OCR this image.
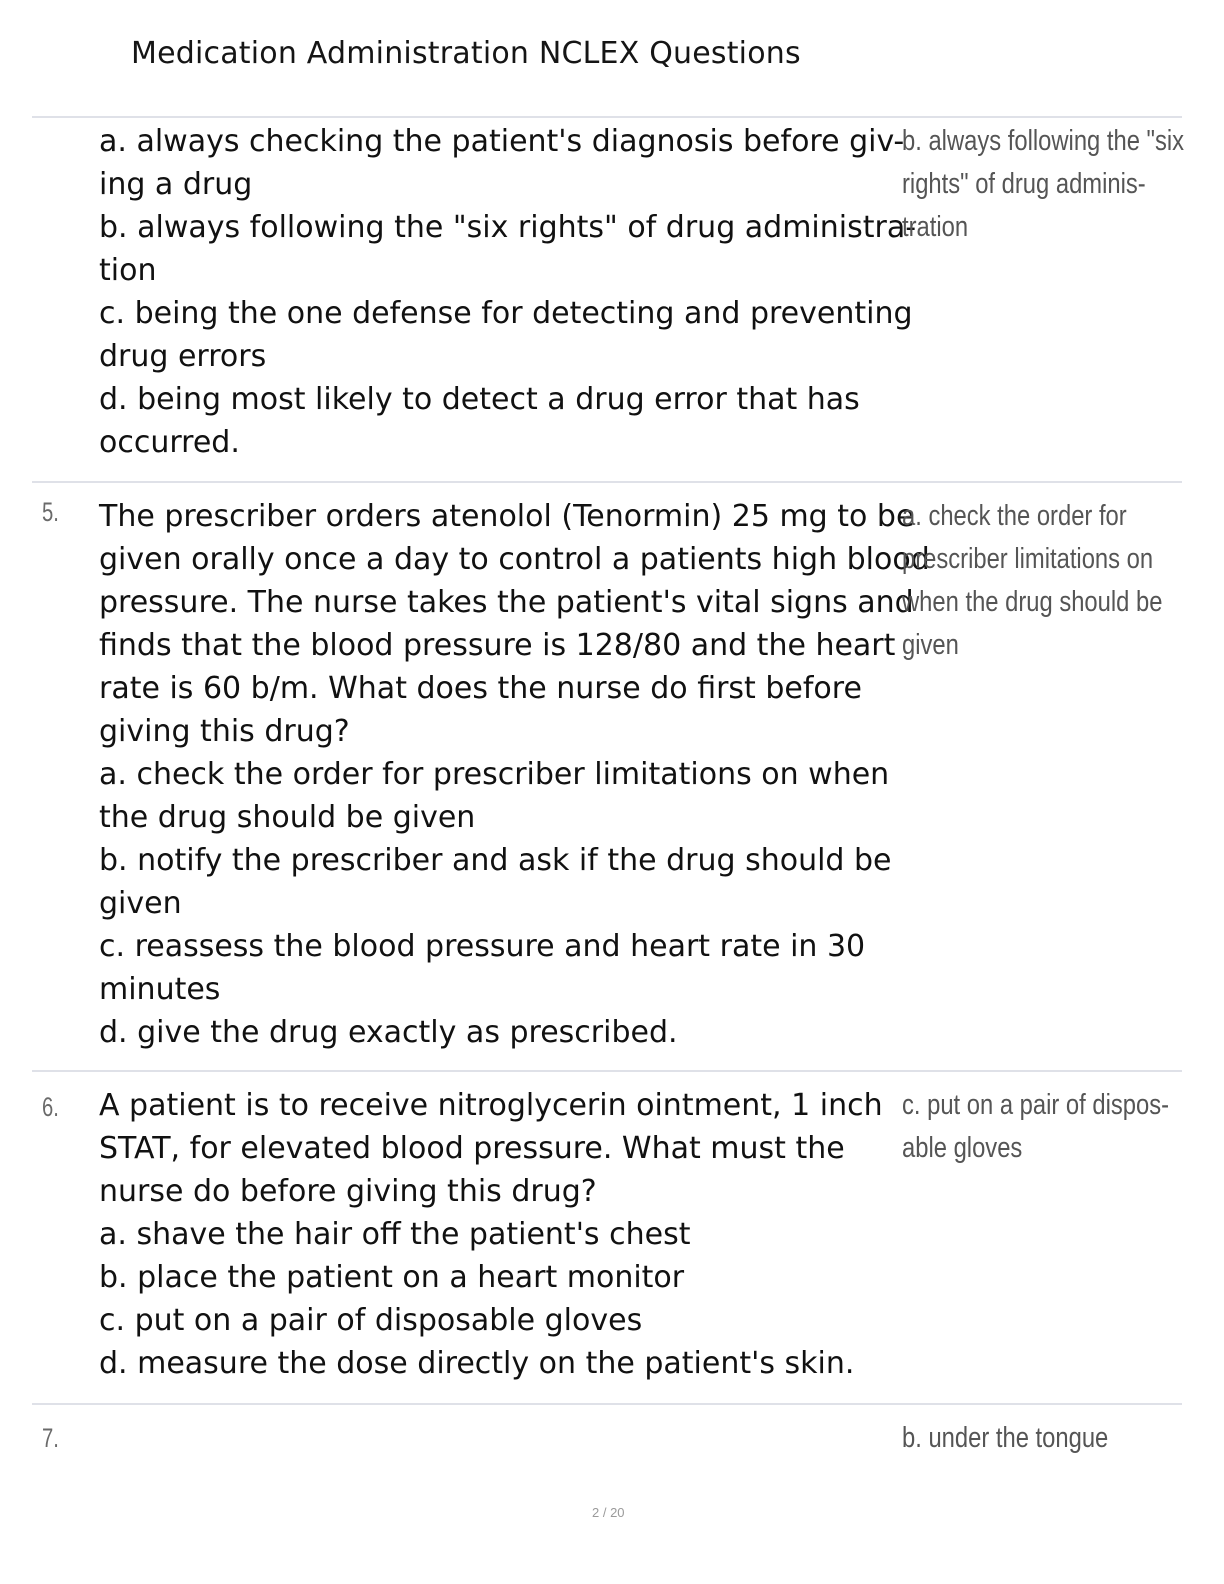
Medication Administration NCLEX Questions
a. always checking the patient's diagnosis before giv-
ing a drug
b. always following the "six rights" of drug administra-
tion
c. being the one defense for detecting and preventing
drug errors
d. being most likely to detect a drug error that has
occurred.
b. always following the "six
rights" of drug adminis-
tration
5. The prescriber orders atenolol (Tenormin) 25 mg to be
given orally once a day to control a patients high blood
pressure. The nurse takes the patient's vital signs and
finds that the blood pressure is 128/80 and the heart
rate is 60 b/m. What does the nurse do first before
giving this drug?
a. check the order for prescriber limitations on when
the drug should be given
b. notify the prescriber and ask if the drug should be
given
c. reassess the blood pressure and heart rate in 30
minutes
d. give the drug exactly as prescribed.
a. check the order for
prescriber limitations on
when the drug should be
given
6. A patient is to receive nitroglycerin ointment, 1 inch
STAT, for elevated blood pressure. What must the
nurse do before giving this drug?
a. shave the hair off the patient's chest
b. place the patient on a heart monitor
c. put on a pair of disposable gloves
d. measure the dose directly on the patient's skin.
c. put on a pair of dispos-
able gloves
7.	b. under the tongue
2 / 20
